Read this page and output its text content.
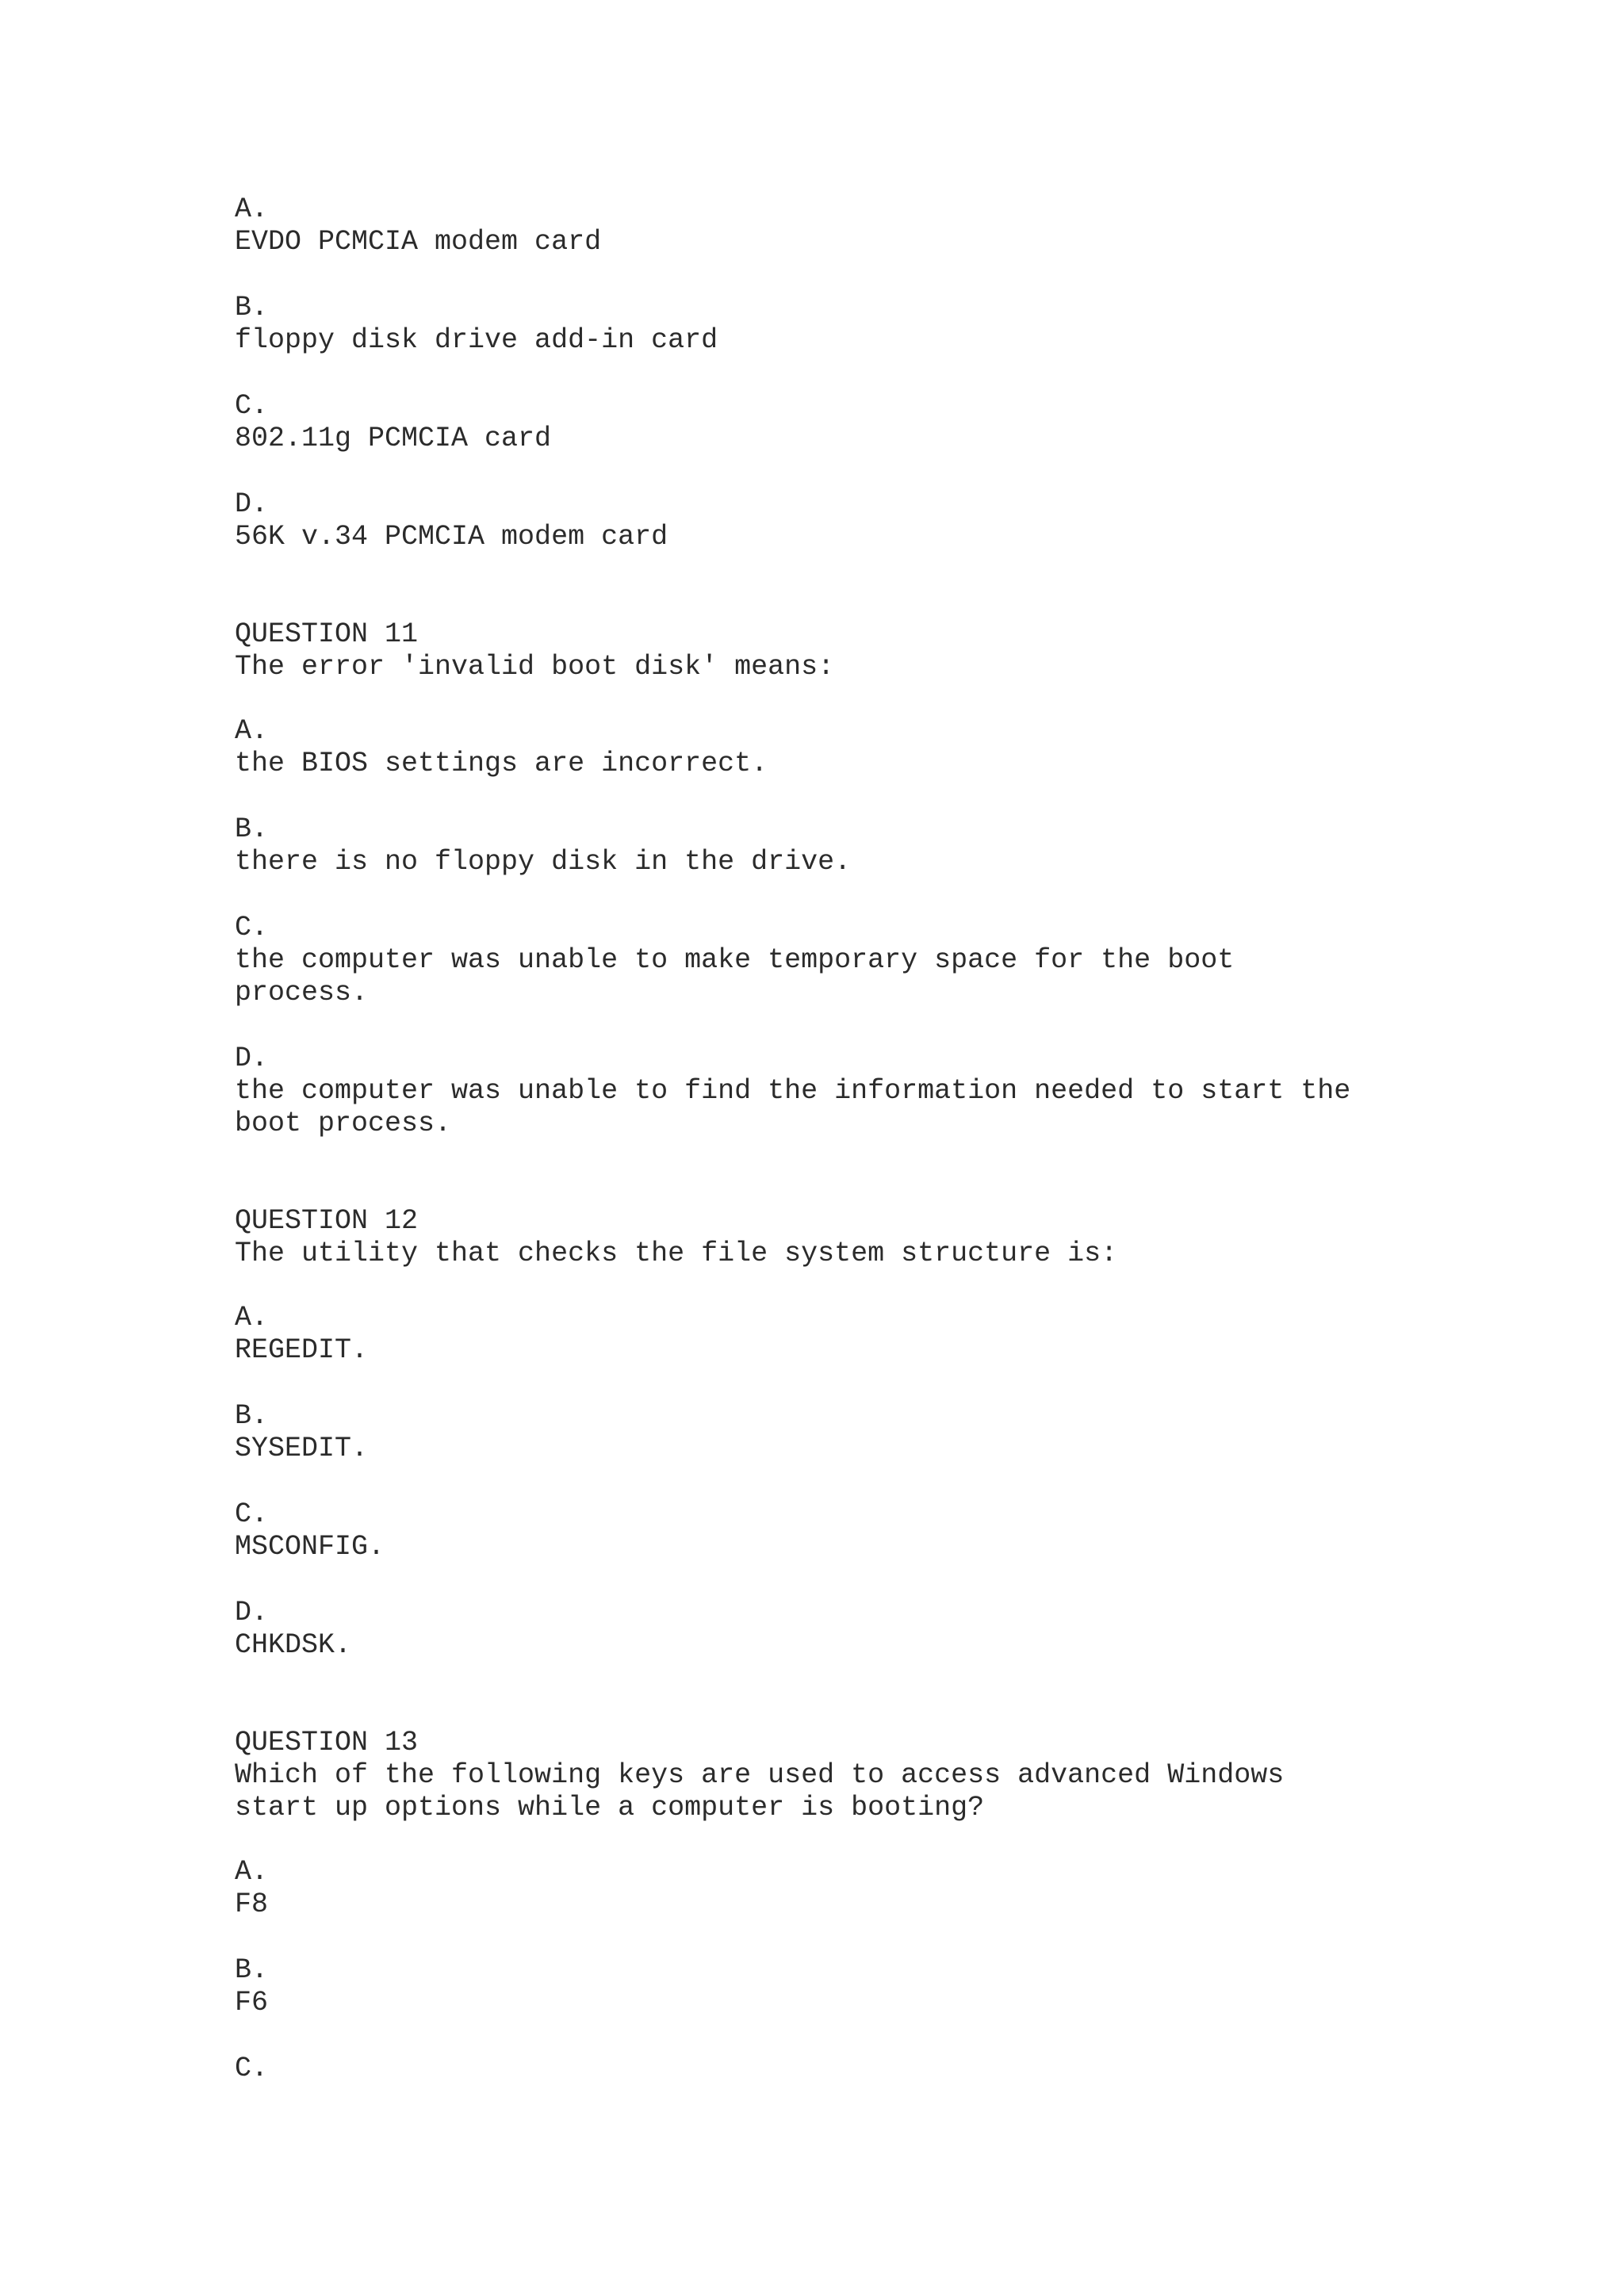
A.
EVDO PCMCIA modem card
B.
floppy disk drive add-in card
C.
802.11g PCMCIA card
D.
56K v.34 PCMCIA modem card
QUESTION 11
The error 'invalid boot disk' means:
A.
the BIOS settings are incorrect.
B.
there is no floppy disk in the drive.
C.
the computer was unable to make temporary space for the boot
process.
D.
the computer was unable to find the information needed to start the
boot process.
QUESTION 12
The utility that checks the file system structure is:
A.
REGEDIT.
B.
SYSEDIT.
C.
MSCONFIG.
D.
CHKDSK.
QUESTION 13
Which of the following keys are used to access advanced Windows
start up options while a computer is booting?
A.
F8
B.
F6
C.
